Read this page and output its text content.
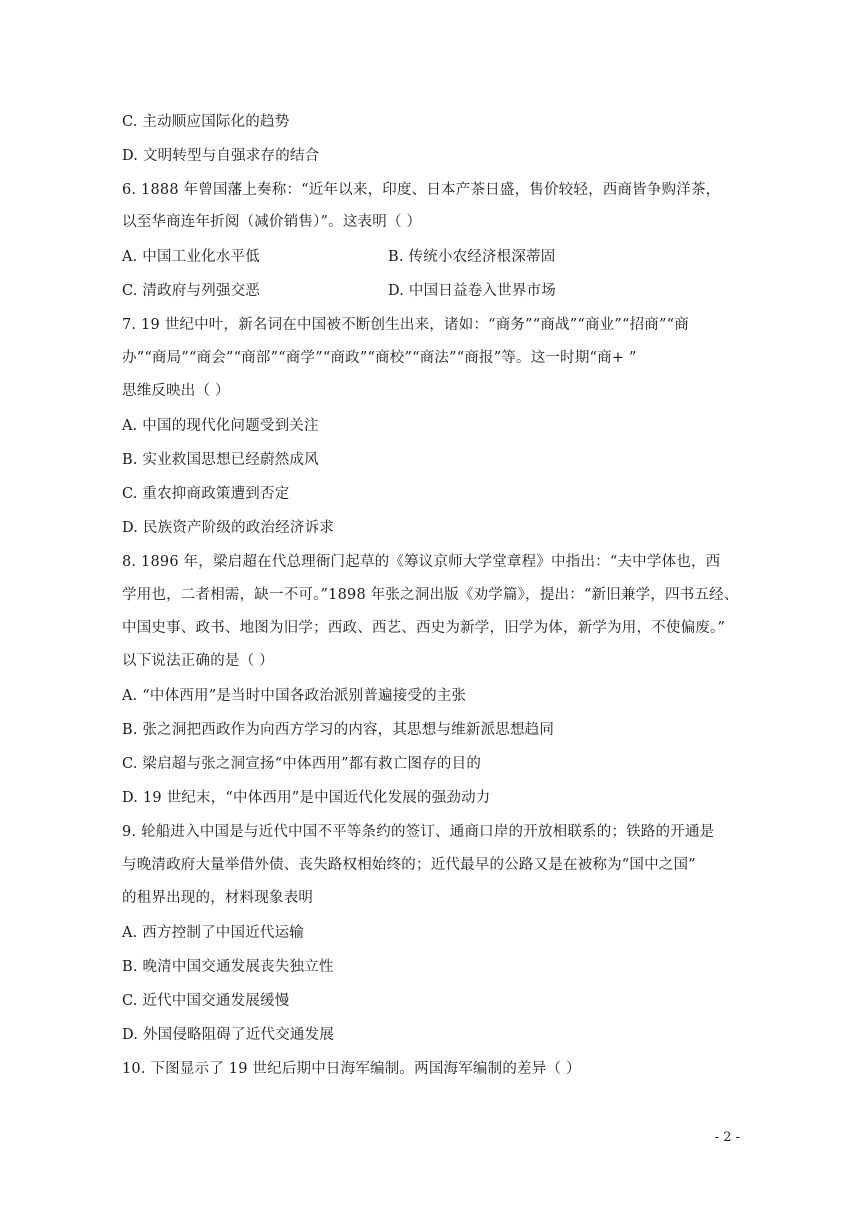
C. 主动顺应国际化的趋势
D. 文明转型与自强求存的结合
6. 1888 年曾国藩上奏称：“近年以来，印度、日本产茶日盛，售价较轻，西商皆争购洋茶，
以至华商连年折阅（减价销售）”。这表明（ ）
A. 中国工业化水平低	B. 传统小农经济根深蒂固
C. 清政府与列强交恶	D. 中国日益卷入世界市场
7. 19 世纪中叶，新名词在中国被不断创生出来，诸如：“商务”“商战”“商业”“招商”“商
办”“商局”“商会”“商部”“商学”“商政”“商校”“商法”“商报”等。这一时期“商+ ”
思维反映出（ ）
A. 中国的现代化问题受到关注
B. 实业救国思想已经蔚然成风
C. 重农抑商政策遭到否定
D. 民族资产阶级的政治经济诉求
8. 1896 年，梁启超在代总理衙门起草的《筹议京师大学堂章程》中指出：“夫中学体也，西
学用也，二者相需，缺一不可。”1898 年张之洞出版《劝学篇》，提出：“新旧兼学，四书五经、
中国史事、政书、地图为旧学；西政、西艺、西史为新学，旧学为体，新学为用，不使偏废。”
以下说法正确的是（ ）
A. “中体西用”是当时中国各政治派别普遍接受的主张
B. 张之洞把西政作为向西方学习的内容，其思想与维新派思想趋同
C. 梁启超与张之洞宣扬“中体西用”都有救亡图存的目的
D. 19 世纪末，“中体西用”是中国近代化发展的强劲动力
9. 轮船进入中国是与近代中国不平等条约的签订、通商口岸的开放相联系的；铁路的开通是
与晚清政府大量举借外债、丧失路权相始终的；近代最早的公路又是在被称为“国中之国”
的租界出现的，材料现象表明
A. 西方控制了中国近代运输
B. 晚清中国交通发展丧失独立性
C. 近代中国交通发展缓慢
D. 外国侵略阻碍了近代交通发展
10. 下图显示了 19 世纪后期中日海军编制。两国海军编制的差异（ ）
- 2 -
